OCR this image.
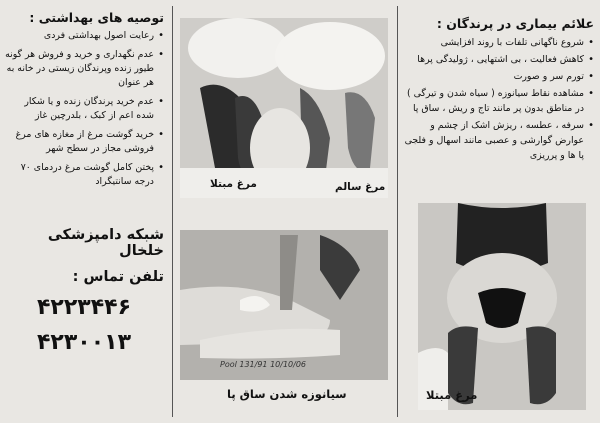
توصیه های بهداشتی :
• رعایت اصول بهداشتی فردی
• عدم نگهداری و خرید و فروش هر گونه طیور زنده وپرندگان زیستی در خانه به هر عنوان
• عدم خرید پرندگان زنده و یا شکار شده اعم از کبک ، بلدرچین غاز
• خرید گوشت مرغ از مغازه های مرغ فروشی مجاز در سطح شهر
• پختن کامل گوشت مرغ دردمای ۷۰ درجه سانتیگراد
شبکه دامپزشکی خلخال
تلفن تماس :
۴۲۲۳۴۴۶
۴۲۳۰۰۱۳
مرغ مبتلا	مرغ سالم
Pool 131/91 10/10/06
سیانوزه شدن ساق پا
علائم بیماری در پرندگان :
• شروع ناگهانی تلفات با روند افزایشی
• کاهش فعالیت ، بی اشتهایی ، ژولیدگی پرها
• تورم سر و صورت
• مشاهده نقاط سیانوزه ( سیاه شدن و تیرگی ) در مناطق بدون پر مانند تاج و ریش ، ساق پا
• سرفه ، عطسه ، ریزش اشک از چشم و عوارض گوارشی و عصبی مانند اسهال و فلجی پا ها و پرریزی
مرغ مبتلا
